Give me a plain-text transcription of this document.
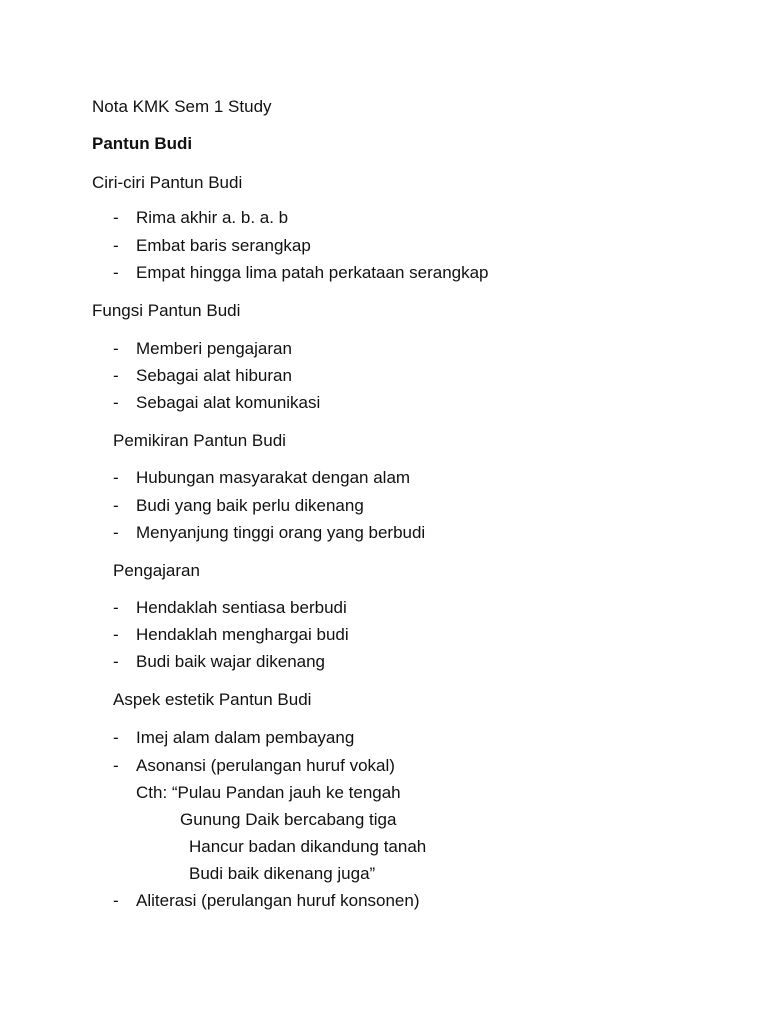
Nota KMK Sem 1 Study
Pantun Budi
Ciri-ciri Pantun Budi
- Rima akhir a. b. a. b
- Embat baris serangkap
- Empat hingga lima patah perkataan serangkap
Fungsi Pantun Budi
- Memberi pengajaran
- Sebagai alat hiburan
- Sebagai alat komunikasi
Pemikiran Pantun Budi
- Hubungan masyarakat dengan alam
- Budi yang baik perlu dikenang
- Menyanjung tinggi orang yang berbudi
Pengajaran
- Hendaklah sentiasa berbudi
- Hendaklah menghargai budi
- Budi baik wajar dikenang
Aspek estetik Pantun Budi
- Imej alam dalam pembayang
- Asonansi (perulangan huruf vokal)
Cth: “Pulau Pandan jauh ke tengah
Gunung Daik bercabang tiga
Hancur badan dikandung tanah
Budi baik dikenang juga”
- Aliterasi (perulangan huruf konsonen)
